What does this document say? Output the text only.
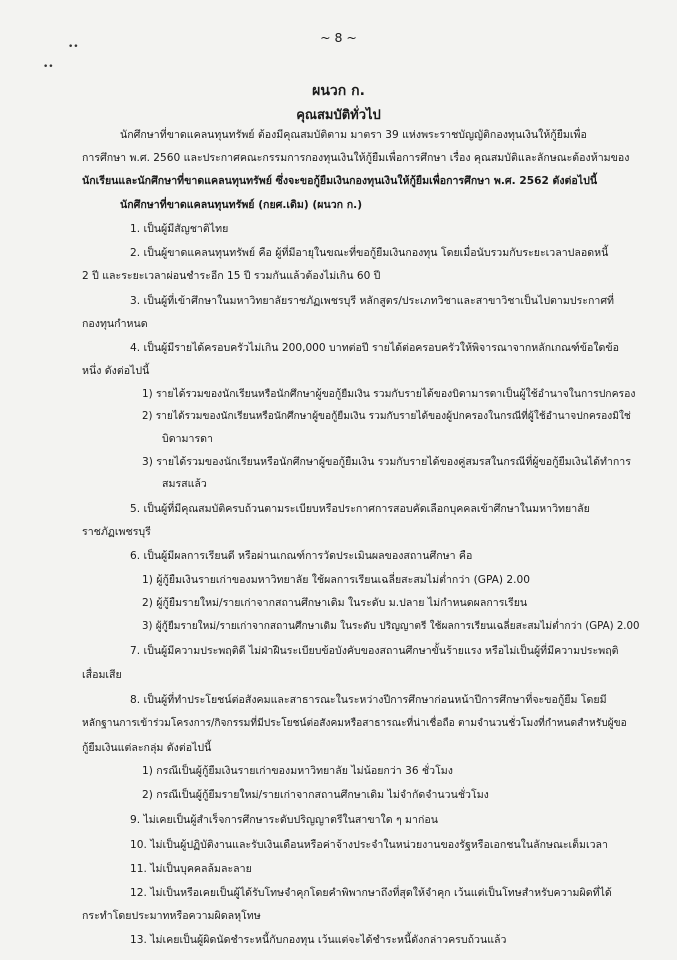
••
••
~ 8 ~
ผนวก ก.
คุณสมบัติทั่วไป
นักศึกษาที่ขาดแคลนทุนทรัพย์ ต้องมีคุณสมบัติตาม มาตรา 39 แห่งพระราชบัญญัติกองทุนเงินให้กู้ยืมเพื่อ
การศึกษา พ.ศ. 2560 และประกาศคณะกรรมการกองทุนเงินให้กู้ยืมเพื่อการศึกษา เรื่อง คุณสมบัติและลักษณะต้องห้ามของ
นักเรียนและนักศึกษาที่ขาดแคลนทุนทรัพย์ ซึ่งจะขอกู้ยืมเงินกองทุนเงินให้กู้ยืมเพื่อการศึกษา พ.ศ. 2562 ดังต่อไปนี้
นักศึกษาที่ขาดแคลนทุนทรัพย์ (กยศ.เดิม) (ผนวก ก.)
1. เป็นผู้มีสัญชาติไทย
2. เป็นผู้ขาดแคลนทุนทรัพย์ คือ ผู้ที่มีอายุในขณะที่ขอกู้ยืมเงินกองทุน โดยเมื่อนับรวมกับระยะเวลาปลอดหนี้
2 ปี และระยะเวลาผ่อนชำระอีก 15 ปี รวมกันแล้วต้องไม่เกิน 60 ปี
3. เป็นผู้ที่เข้าศึกษาในมหาวิทยาลัยราชภัฏเพชรบุรี หลักสูตร/ประเภทวิชาและสาขาวิชาเป็นไปตามประกาศที่
กองทุนกำหนด
4. เป็นผู้มีรายได้ครอบครัวไม่เกิน 200,000 บาทต่อปี รายได้ต่อครอบครัวให้พิจารณาจากหลักเกณฑ์ข้อใดข้อ
หนึ่ง ดังต่อไปนี้
1) รายได้รวมของนักเรียนหรือนักศึกษาผู้ขอกู้ยืมเงิน รวมกับรายได้ของบิดามารดาเป็นผู้ใช้อำนาจในการปกครอง
2) รายได้รวมของนักเรียนหรือนักศึกษาผู้ขอกู้ยืมเงิน รวมกับรายได้ของผู้ปกครองในกรณีที่ผู้ใช้อำนาจปกครองมิใช่
บิดามารดา
3) รายได้รวมของนักเรียนหรือนักศึกษาผู้ขอกู้ยืมเงิน รวมกับรายได้ของคู่สมรสในกรณีที่ผู้ขอกู้ยืมเงินได้ทำการ
สมรสแล้ว
5. เป็นผู้ที่มีคุณสมบัติครบถ้วนตามระเบียบหรือประกาศการสอบคัดเลือกบุคคลเข้าศึกษาในมหาวิทยาลัย
ราชภัฏเพชรบุรี
6. เป็นผู้มีผลการเรียนดี หรือผ่านเกณฑ์การวัดประเมินผลของสถานศึกษา คือ
1) ผู้กู้ยืมเงินรายเก่าของมหาวิทยาลัย ใช้ผลการเรียนเฉลี่ยสะสมไม่ต่ำกว่า (GPA) 2.00
2) ผู้กู้ยืมรายใหม่/รายเก่าจากสถานศึกษาเดิม ในระดับ ม.ปลาย ไม่กำหนดผลการเรียน
3) ผู้กู้ยืมรายใหม่/รายเก่าจากสถานศึกษาเดิม ในระดับ ปริญญาตรี ใช้ผลการเรียนเฉลี่ยสะสมไม่ต่ำกว่า (GPA) 2.00
7. เป็นผู้มีความประพฤติดี ไม่ฝ่าฝืนระเบียบข้อบังคับของสถานศึกษาขั้นร้ายแรง หรือไม่เป็นผู้ที่มีความประพฤติ
เสื่อมเสีย
8. เป็นผู้ที่ทำประโยชน์ต่อสังคมและสาธารณะในระหว่างปีการศึกษาก่อนหน้าปีการศึกษาที่จะขอกู้ยืม โดยมี
หลักฐานการเข้าร่วมโครงการ/กิจกรรมที่มีประโยชน์ต่อสังคมหรือสาธารณะที่น่าเชื่อถือ ตามจำนวนชั่วโมงที่กำหนดสำหรับผู้ขอ
กู้ยืมเงินแต่ละกลุ่ม ดังต่อไปนี้
1) กรณีเป็นผู้กู้ยืมเงินรายเก่าของมหาวิทยาลัย ไม่น้อยกว่า 36 ชั่วโมง
2) กรณีเป็นผู้กู้ยืมรายใหม่/รายเก่าจากสถานศึกษาเดิม ไม่จำกัดจำนวนชั่วโมง
9. ไม่เคยเป็นผู้สำเร็จการศึกษาระดับปริญญาตรีในสาขาใด ๆ มาก่อน
10. ไม่เป็นผู้ปฏิบัติงานและรับเงินเดือนหรือค่าจ้างประจำในหน่วยงานของรัฐหรือเอกชนในลักษณะเต็มเวลา
11. ไม่เป็นบุคคลล้มละลาย
12. ไม่เป็นหรือเคยเป็นผู้ได้รับโทษจำคุกโดยคำพิพากษาถึงที่สุดให้จำคุก เว้นแต่เป็นโทษสำหรับความผิดที่ได้
กระทำโดยประมาทหรือความผิดลหุโทษ
13. ไม่เคยเป็นผู้ผิดนัดชำระหนี้กับกองทุน เว้นแต่จะได้ชำระหนี้ดังกล่าวครบถ้วนแล้ว
